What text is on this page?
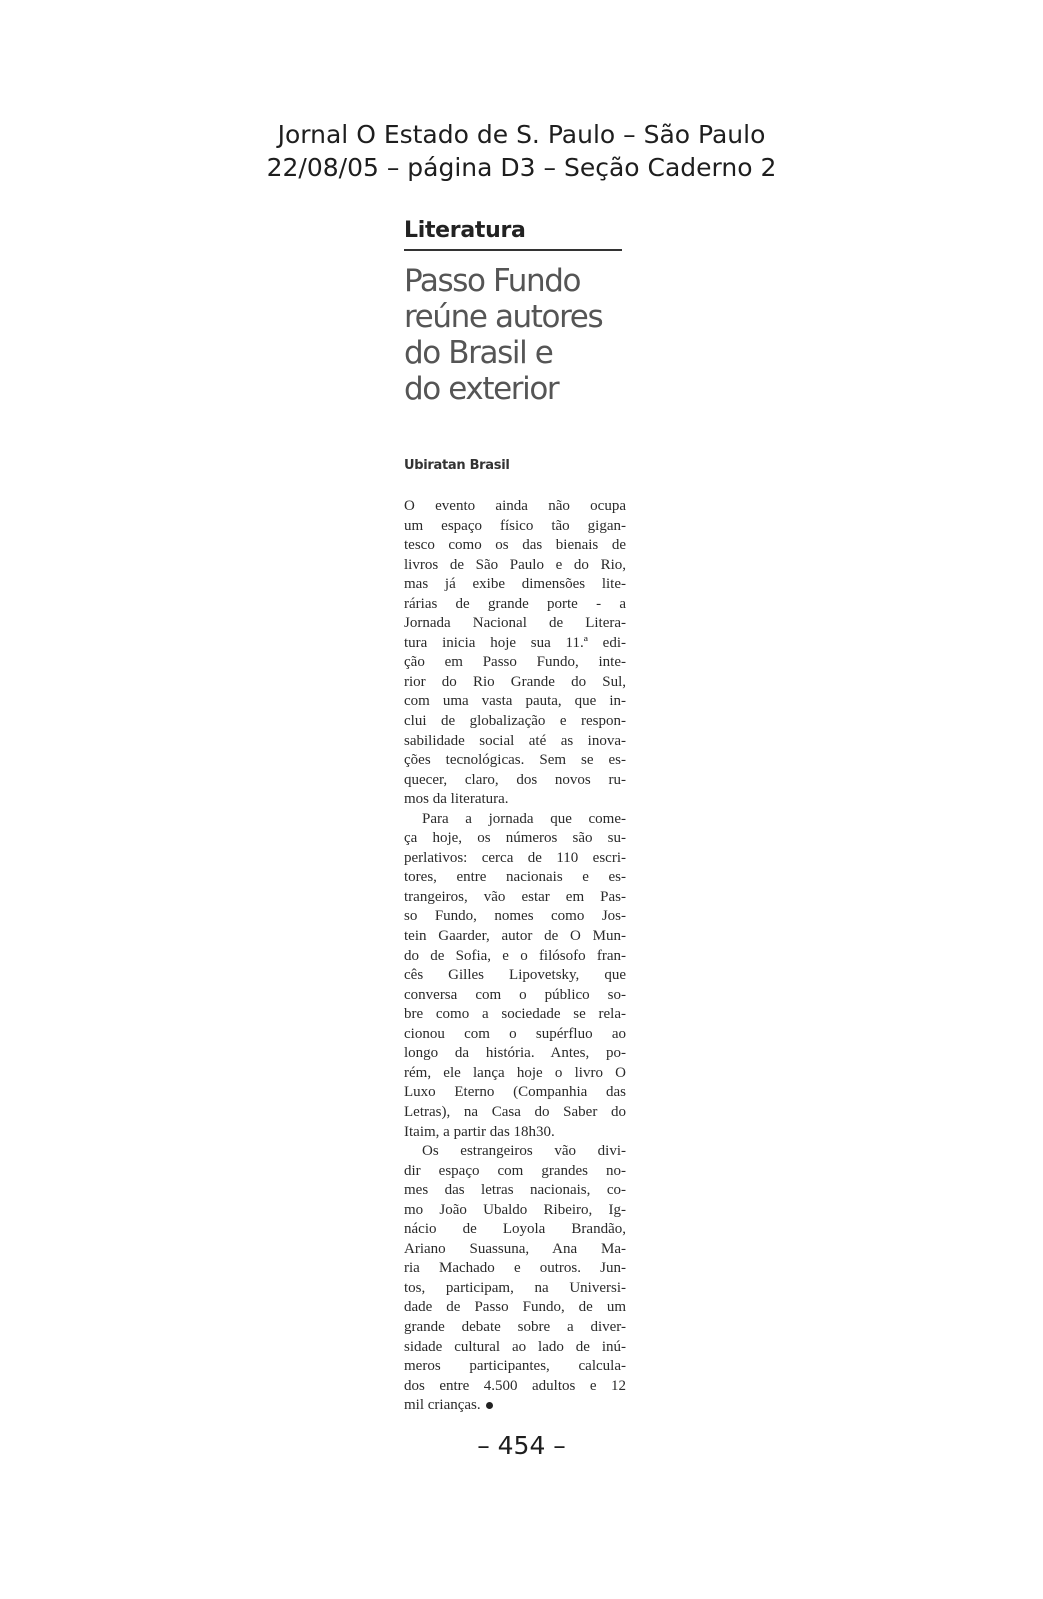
Jornal O Estado de S. Paulo – São Paulo
22/08/05 – página D3 – Seção Caderno 2
Literatura
Passo Fundo
reúne autores
do Brasil e
do exterior
Ubiratan Brasil
O evento ainda não ocupa
um espaço físico tão gigan-
tesco como os das bienais de
livros de São Paulo e do Rio,
mas já exibe dimensões lite-
rárias de grande porte - a
Jornada Nacional de Litera-
tura inicia hoje sua 11.ª edi-
ção em Passo Fundo, inte-
rior do Rio Grande do Sul,
com uma vasta pauta, que in-
clui de globalização e respon-
sabilidade social até as inova-
ções tecnológicas. Sem se es-
quecer, claro, dos novos ru-
mos da literatura.
Para a jornada que come-
ça hoje, os números são su-
perlativos: cerca de 110 escri-
tores, entre nacionais e es-
trangeiros, vão estar em Pas-
so Fundo, nomes como Jos-
tein Gaarder, autor de O Mun-
do de Sofia, e o filósofo fran-
cês Gilles Lipovetsky, que
conversa com o público so-
bre como a sociedade se rela-
cionou com o supérfluo ao
longo da história. Antes, po-
rém, ele lança hoje o livro O
Luxo Eterno (Companhia das
Letras), na Casa do Saber do
Itaim, a partir das 18h30.
Os estrangeiros vão divi-
dir espaço com grandes no-
mes das letras nacionais, co-
mo João Ubaldo Ribeiro, Ig-
nácio de Loyola Brandão,
Ariano Suassuna, Ana Ma-
ria Machado e outros. Jun-
tos, participam, na Universi-
dade de Passo Fundo, de um
grande debate sobre a diver-
sidade cultural ao lado de inú-
meros participantes, calcula-
dos entre 4.500 adultos e 12
mil crianças.
– 454 –
